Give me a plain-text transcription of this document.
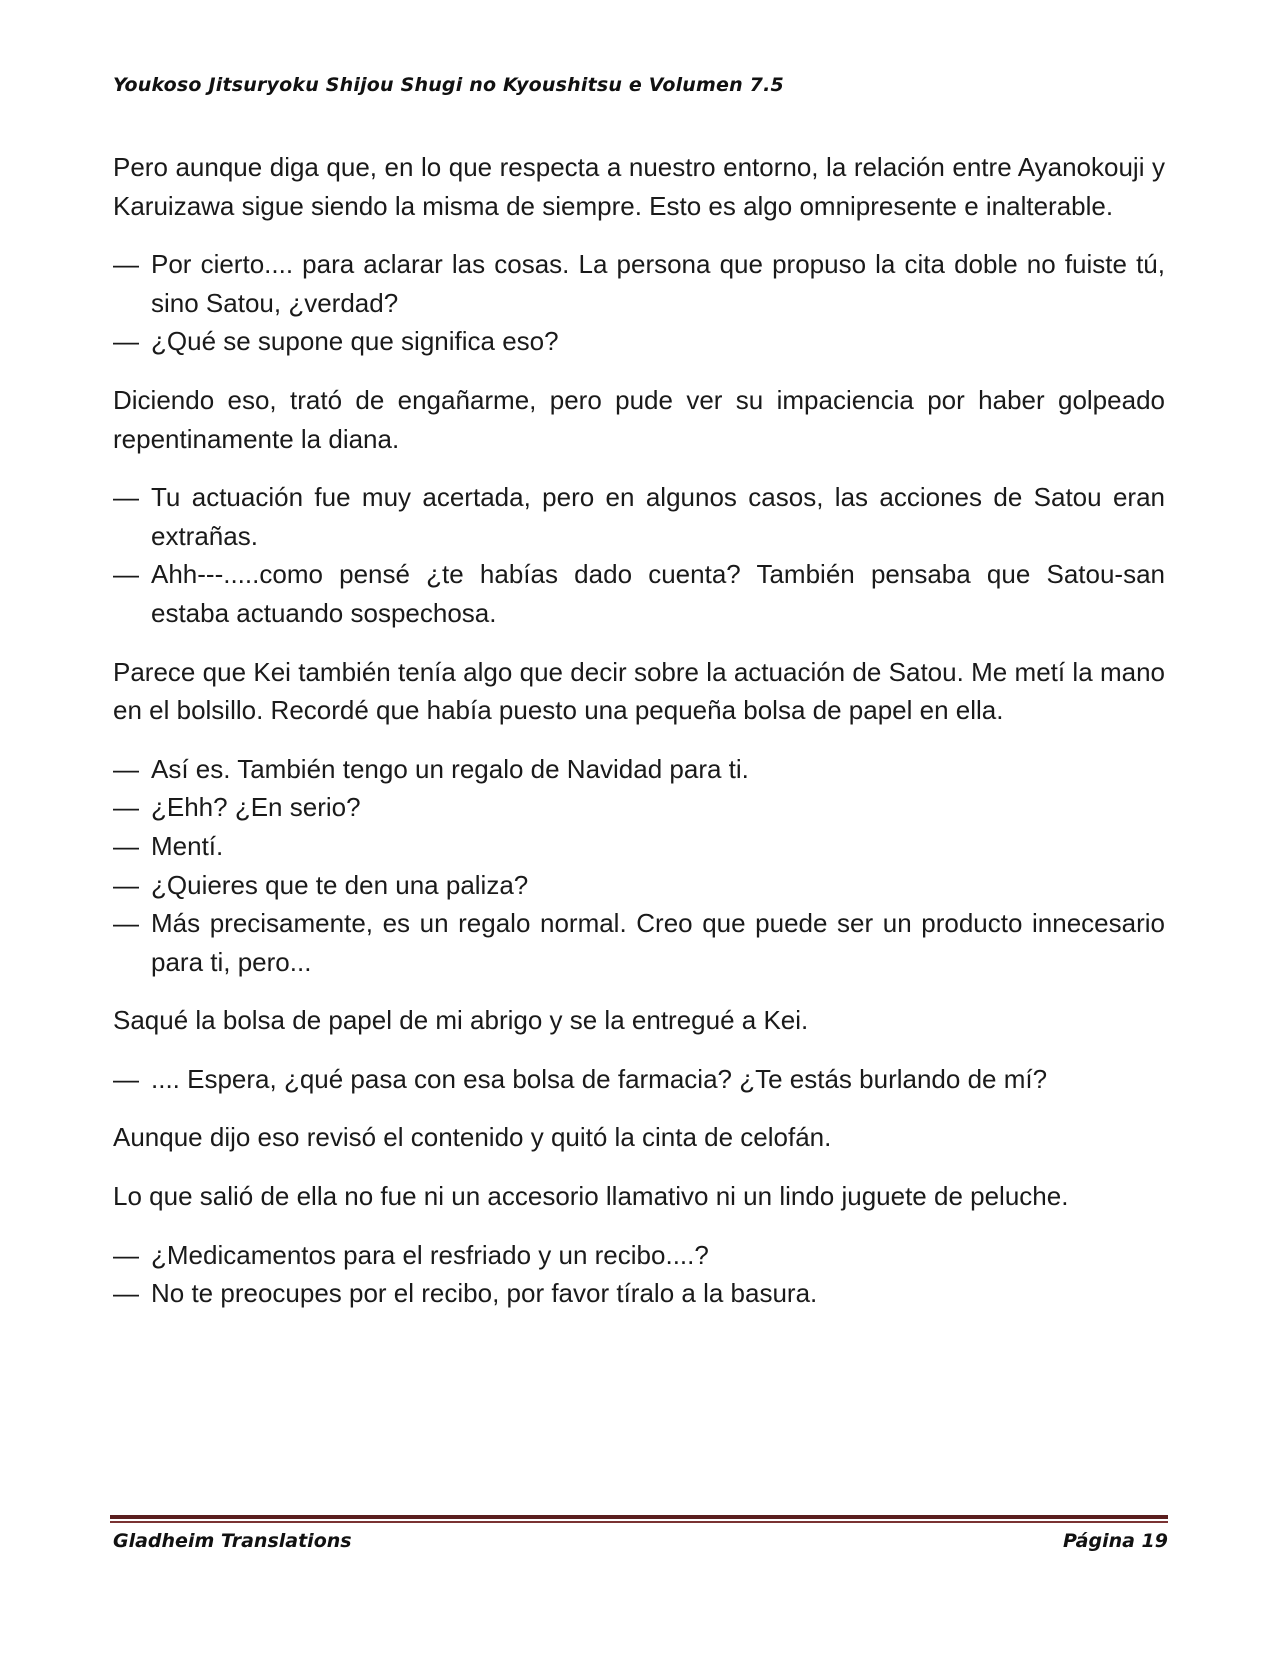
Youkoso Jitsuryoku Shijou Shugi no Kyoushitsu e Volumen 7.5

Pero aunque diga que, en lo que respecta a nuestro entorno, la relación entre Ayanokouji y Karuizawa sigue siendo la misma de siempre. Esto es algo omnipresente e inalterable.

— Por cierto.... para aclarar las cosas. La persona que propuso la cita doble no fuiste tú, sino Satou, ¿verdad?
— ¿Qué se supone que significa eso?

Diciendo eso, trató de engañarme, pero pude ver su impaciencia por haber golpeado repentinamente la diana.

— Tu actuación fue muy acertada, pero en algunos casos, las acciones de Satou eran extrañas.
— Ahh---.....como pensé ¿te habías dado cuenta? También pensaba que Satou-san estaba actuando sospechosa.

Parece que Kei también tenía algo que decir sobre la actuación de Satou. Me metí la mano en el bolsillo. Recordé que había puesto una pequeña bolsa de papel en ella.

— Así es. También tengo un regalo de Navidad para ti.
— ¿Ehh? ¿En serio?
— Mentí.
— ¿Quieres que te den una paliza?
— Más precisamente, es un regalo normal. Creo que puede ser un producto innecesario para ti, pero...

Saqué la bolsa de papel de mi abrigo y se la entregué a Kei.

— .... Espera, ¿qué pasa con esa bolsa de farmacia? ¿Te estás burlando de mí?

Aunque dijo eso revisó el contenido y quitó la cinta de celofán.

Lo que salió de ella no fue ni un accesorio llamativo ni un lindo juguete de peluche.

— ¿Medicamentos para el resfriado y un recibo....?
— No te preocupes por el recibo, por favor tíralo a la basura.
Gladheim Translations	Página 19
